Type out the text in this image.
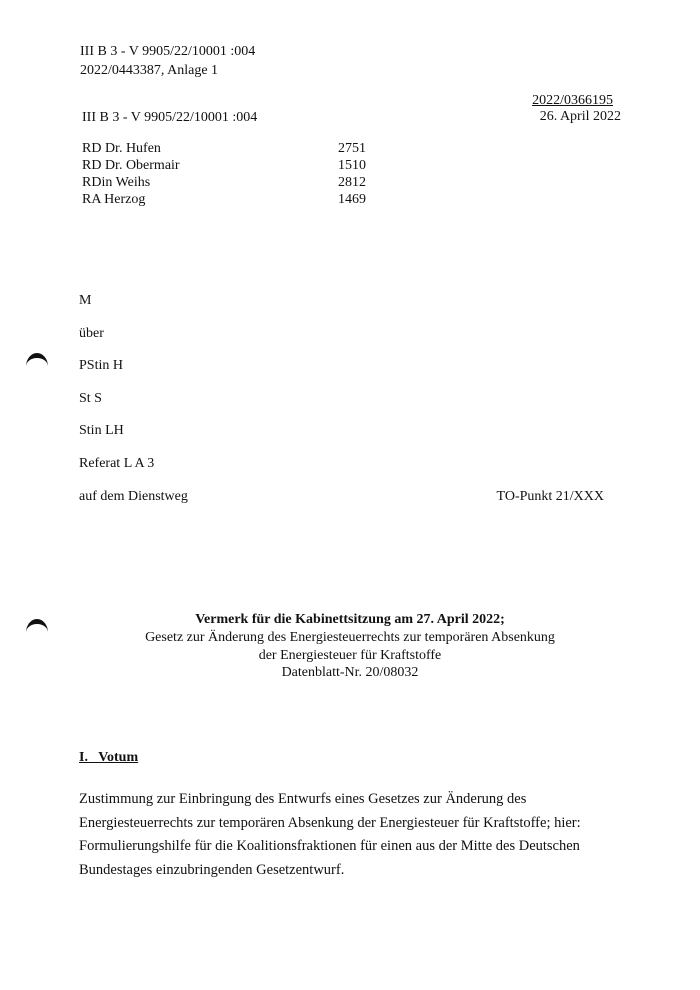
III B 3 - V 9905/22/10001 :004
2022/0443387, Anlage 1
2022/0366195
26. April 2022
III B 3 - V 9905/22/10001 :004
RD Dr. Hufen	2751
RD Dr. Obermair	1510
RDin Weihs	2812
RA Herzog	1469
M
über
PStin H
St S
Stin LH
Referat L A 3
auf dem Dienstweg	TO-Punkt 21/XXX
Vermerk für die Kabinettsitzung am 27. April 2022;
Gesetz zur Änderung des Energiesteuerrechts zur temporären Absenkung
der Energiesteuer für Kraftstoffe
Datenblatt-Nr. 20/08032
I.   Votum
Zustimmung zur Einbringung des Entwurfs eines Gesetzes zur Änderung des
Energiesteuerrechts zur temporären Absenkung der Energiesteuer für Kraftstoffe; hier:
Formulierungshilfe für die Koalitionsfraktionen für einen aus der Mitte des Deutschen
Bundestages einzubringenden Gesetzentwurf.
